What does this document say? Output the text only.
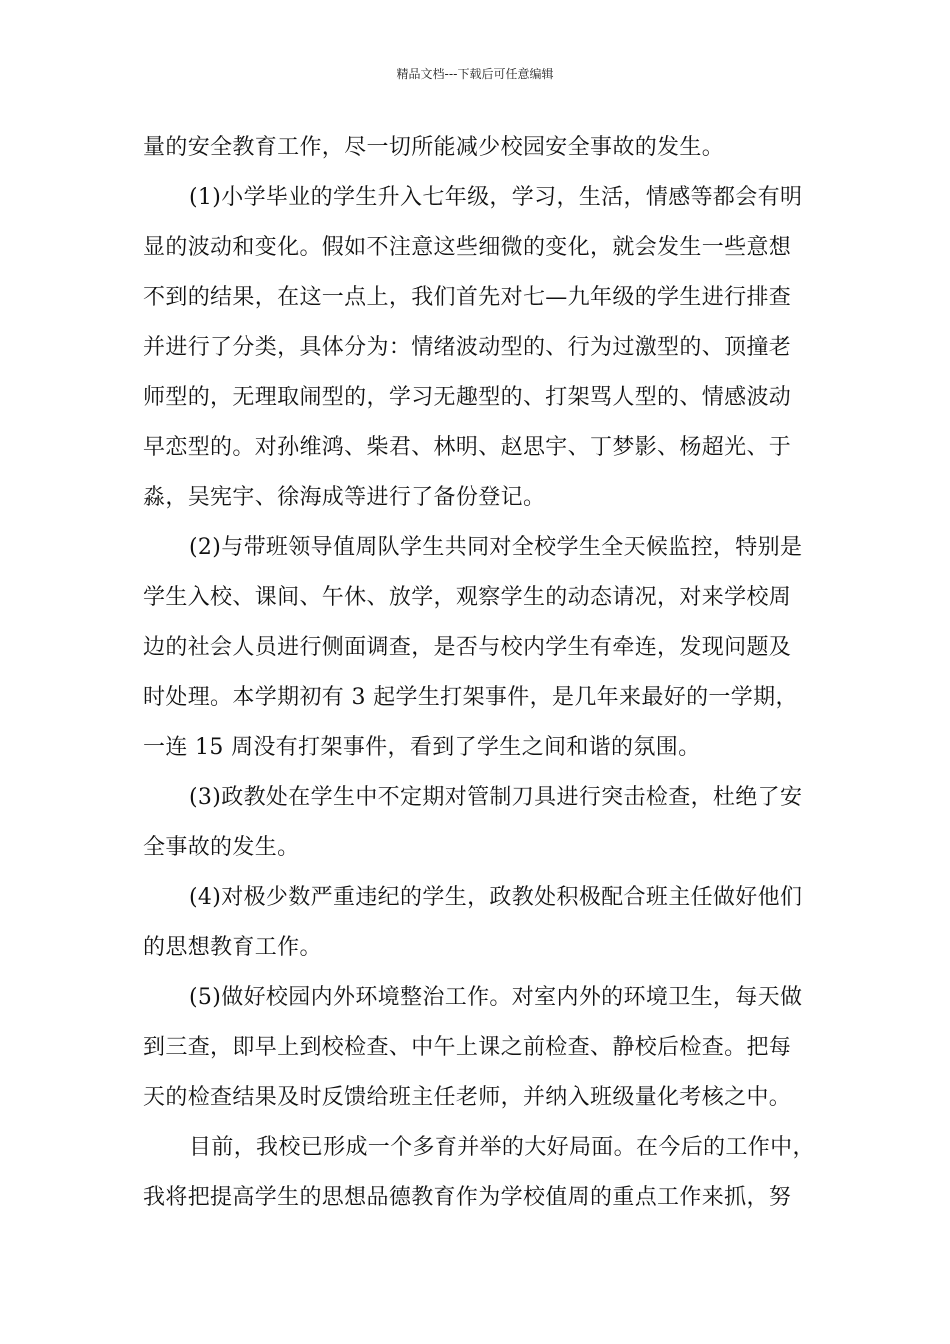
精品文档---下载后可任意编辑
量的安全教育工作，尽一切所能减少校园安全事故的发生。
(1)小学毕业的学生升入七年级，学习，生活，情感等都会有明
显的波动和变化。假如不注意这些细微的变化，就会发生一些意想
不到的结果，在这一点上，我们首先对七—九年级的学生进行排查
并进行了分类，具体分为：情绪波动型的、行为过激型的、顶撞老
师型的，无理取闹型的，学习无趣型的、打架骂人型的、情感波动
早恋型的。对孙维鸿、柴君、林明、赵思宇、丁梦影、杨超光、于
淼，吴宪宇、徐海成等进行了备份登记。
(2)与带班领导值周队学生共同对全校学生全天候监控，特别是
学生入校、课间、午休、放学，观察学生的动态请况，对来学校周
边的社会人员进行侧面调查，是否与校内学生有牵连，发现问题及
时处理。本学期初有 3 起学生打架事件，是几年来最好的一学期，
一连 15 周没有打架事件，看到了学生之间和谐的氛围。
(3)政教处在学生中不定期对管制刀具进行突击检查，杜绝了安
全事故的发生。
(4)对极少数严重违纪的学生，政教处积极配合班主任做好他们
的思想教育工作。
(5)做好校园内外环境整治工作。对室内外的环境卫生，每天做
到三查，即早上到校检查、中午上课之前检查、静校后检查。把每
天的检查结果及时反馈给班主任老师，并纳入班级量化考核之中。
目前，我校已形成一个多育并举的大好局面。在今后的工作中，
我将把提高学生的思想品德教育作为学校值周的重点工作来抓，努
